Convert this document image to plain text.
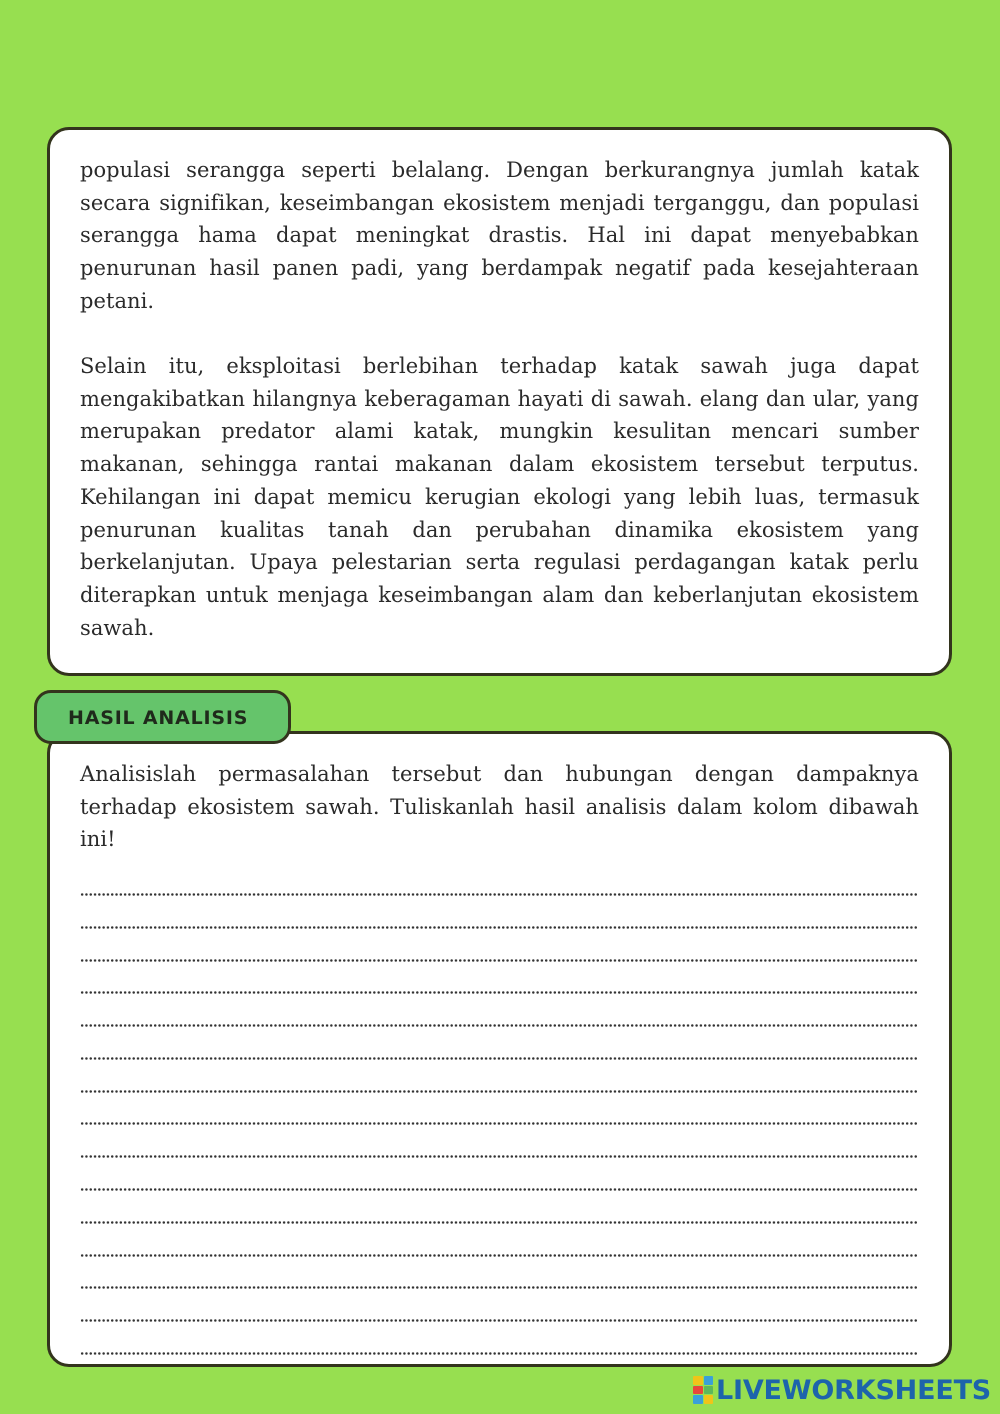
populasi serangga seperti belalang. Dengan berkurangnya jumlah katak secara signifikan, keseimbangan ekosistem menjadi terganggu, dan populasi serangga hama dapat meningkat drastis. Hal ini dapat menyebabkan penurunan hasil panen padi, yang berdampak negatif pada kesejahteraan petani.

Selain itu, eksploitasi berlebihan terhadap katak sawah juga dapat mengakibatkan hilangnya keberagaman hayati di sawah. elang dan ular, yang merupakan predator alami katak, mungkin kesulitan mencari sumber makanan, sehingga rantai makanan dalam ekosistem tersebut terputus. Kehilangan ini dapat memicu kerugian ekologi yang lebih luas, termasuk penurunan kualitas tanah dan perubahan dinamika ekosistem yang berkelanjutan. Upaya pelestarian serta regulasi perdagangan katak perlu diterapkan untuk menjaga keseimbangan alam dan keberlanjutan ekosistem sawah.

HASIL ANALISIS

Analisislah permasalahan tersebut dan hubungan dengan dampaknya terhadap ekosistem sawah. Tuliskanlah hasil analisis dalam kolom dibawah ini!

LIVEWORKSHEETS
